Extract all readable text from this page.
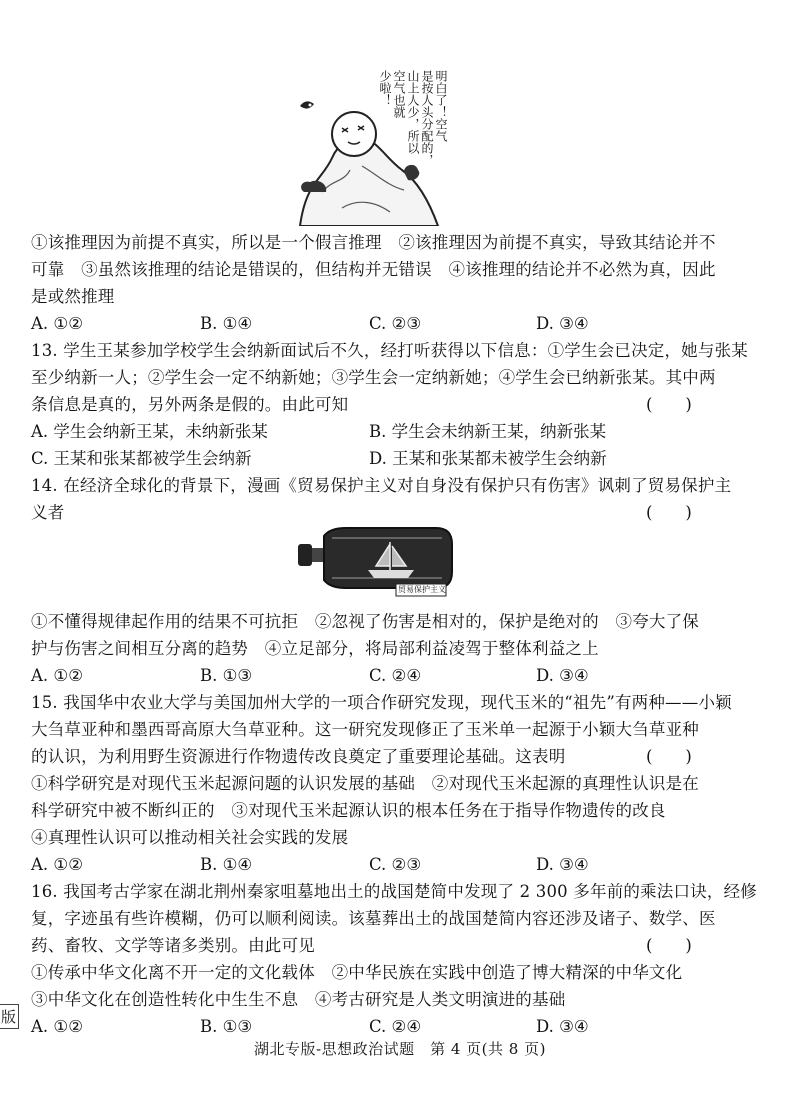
明白了！空气
是按人头分配的，
山上人少，所以
空气也就
少啦！
①该推理因为前提不真实，所以是一个假言推理　②该推理因为前提不真实，导致其结论并不
可靠　③虽然该推理的结论是错误的，但结构并无错误　④该推理的结论并不必然为真，因此
是或然推理
A. ①②	B. ①④	C. ②③	D. ③④
13. 学生王某参加学校学生会纳新面试后不久，经打听获得以下信息：①学生会已决定，她与张某
至少纳新一人；②学生会一定不纳新她；③学生会一定纳新她；④学生会已纳新张某。其中两
条信息是真的，另外两条是假的。由此可知	(　　)
A. 学生会纳新王某，未纳新张某	B. 学生会未纳新王某，纳新张某
C. 王某和张某都被学生会纳新	D. 王某和张某都未被学生会纳新
14. 在经济全球化的背景下，漫画《贸易保护主义对自身没有保护只有伤害》讽刺了贸易保护主
义者	(　　)
贸易保护主义
①不懂得规律起作用的结果不可抗拒　②忽视了伤害是相对的，保护是绝对的　③夸大了保
护与伤害之间相互分离的趋势　④立足部分，将局部利益凌驾于整体利益之上
A. ①②	B. ①③	C. ②④	D. ③④
15. 我国华中农业大学与美国加州大学的一项合作研究发现，现代玉米的“祖先”有两种——小颖
大刍草亚种和墨西哥高原大刍草亚种。这一研究发现修正了玉米单一起源于小颖大刍草亚种
的认识，为利用野生资源进行作物遗传改良奠定了重要理论基础。这表明	(　　)
①科学研究是对现代玉米起源问题的认识发展的基础　②对现代玉米起源的真理性认识是在
科学研究中被不断纠正的　③对现代玉米起源认识的根本任务在于指导作物遗传的改良
④真理性认识可以推动相关社会实践的发展
A. ①②	B. ①④	C. ②③	D. ③④
16. 我国考古学家在湖北荆州秦家咀墓地出土的战国楚简中发现了 2 300 多年前的乘法口诀，经修
复，字迹虽有些许模糊，仍可以顺利阅读。该墓葬出土的战国楚简内容还涉及诸子、数学、医
药、畜牧、文学等诸多类别。由此可见	(　　)
①传承中华文化离不开一定的文化载体　②中华民族在实践中创造了博大精深的中华文化
③中华文化在创造性转化中生生不息　④考古研究是人类文明演进的基础
A. ①②	B. ①③	C. ②④	D. ③④
版
湖北专版-思想政治试题　第 4 页(共 8 页)
